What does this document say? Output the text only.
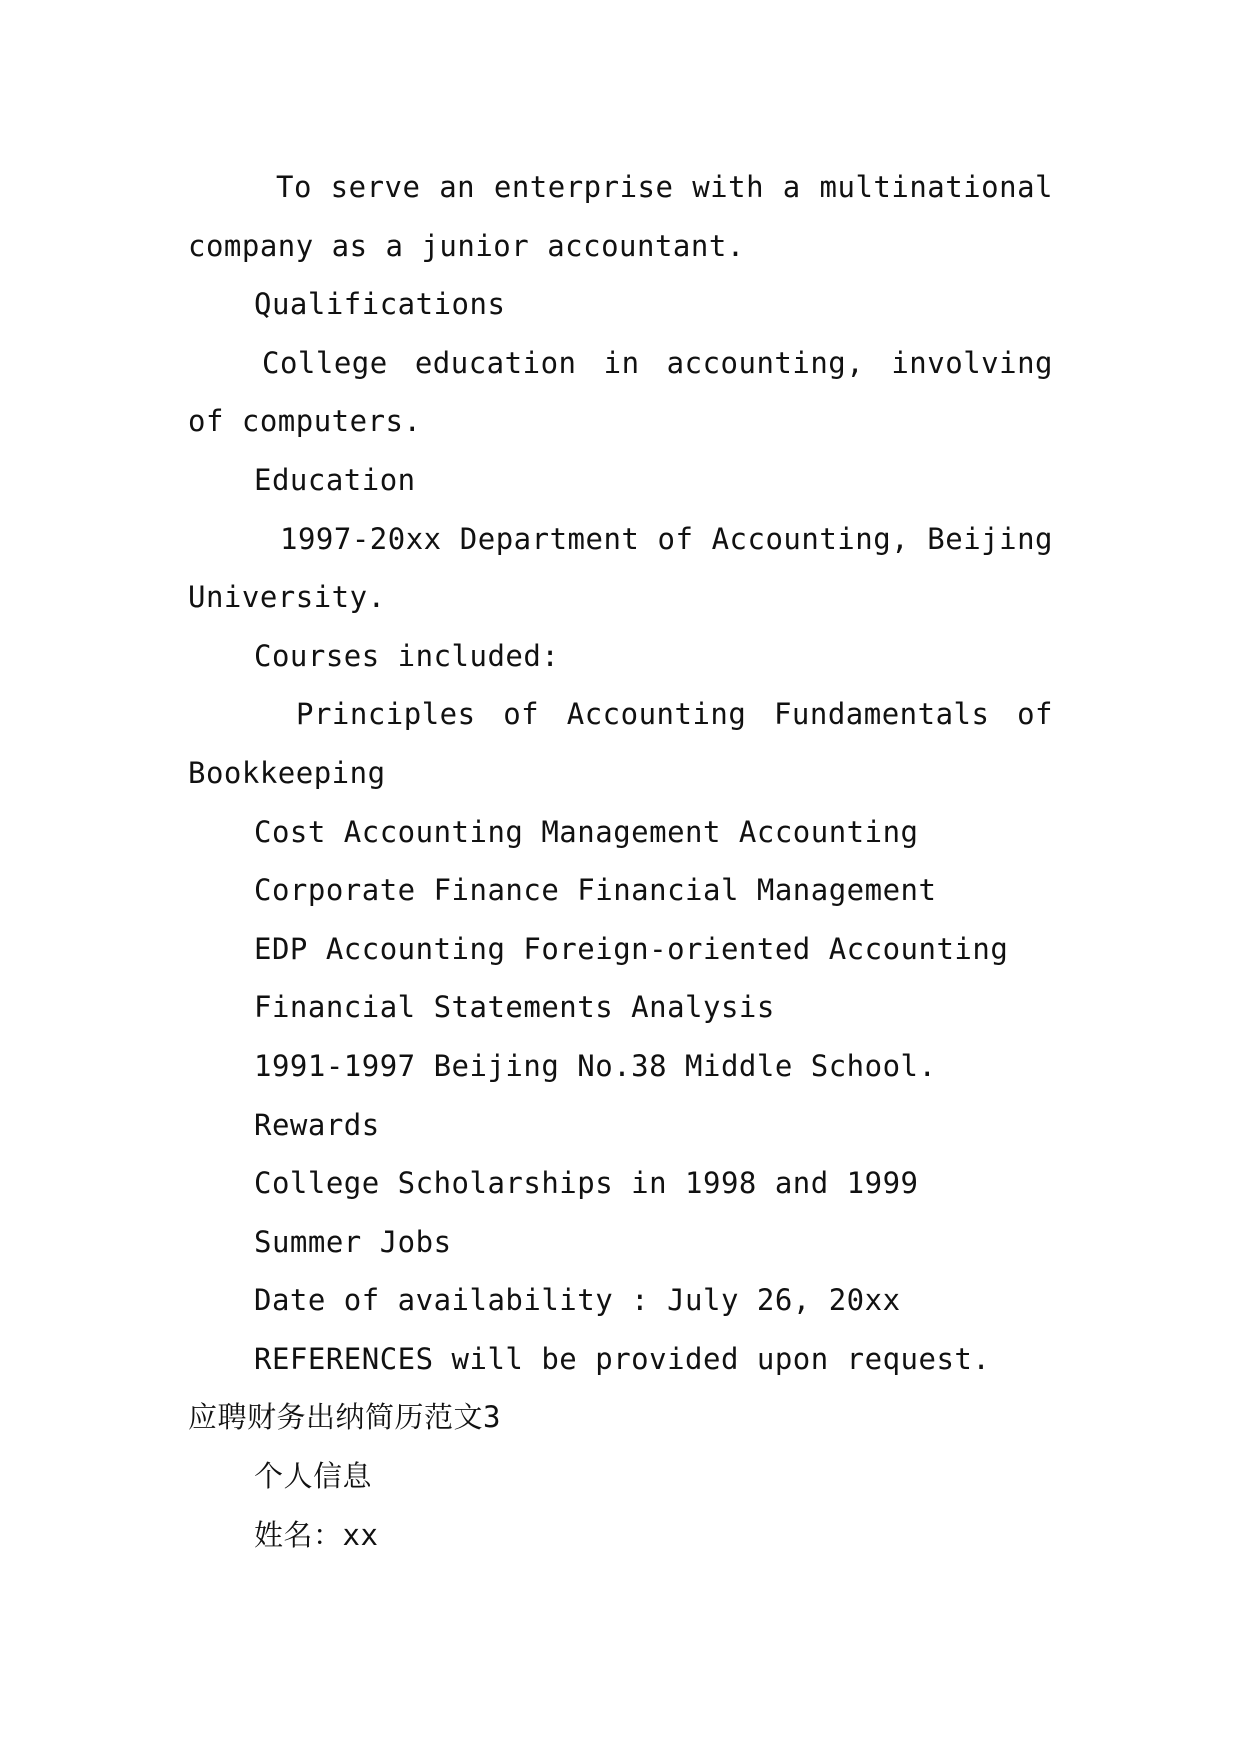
To serve an enterprise with a multinational
company as a junior accountant.
Qualifications
College education in accounting, involving
of computers.
Education
1997-20xx Department of Accounting, Beijing
University.
Courses included:
Principles of Accounting Fundamentals of
Bookkeeping
Cost Accounting Management Accounting
Corporate Finance Financial Management
EDP Accounting Foreign-oriented Accounting
Financial Statements Analysis
1991-1997 Beijing No.38 Middle School.
Rewards
College Scholarships in 1998 and 1999
Summer Jobs
Date of availability : July 26, 20xx
REFERENCES will be provided upon request.
应聘财务出纳简历范文3
个人信息
姓名：xx
